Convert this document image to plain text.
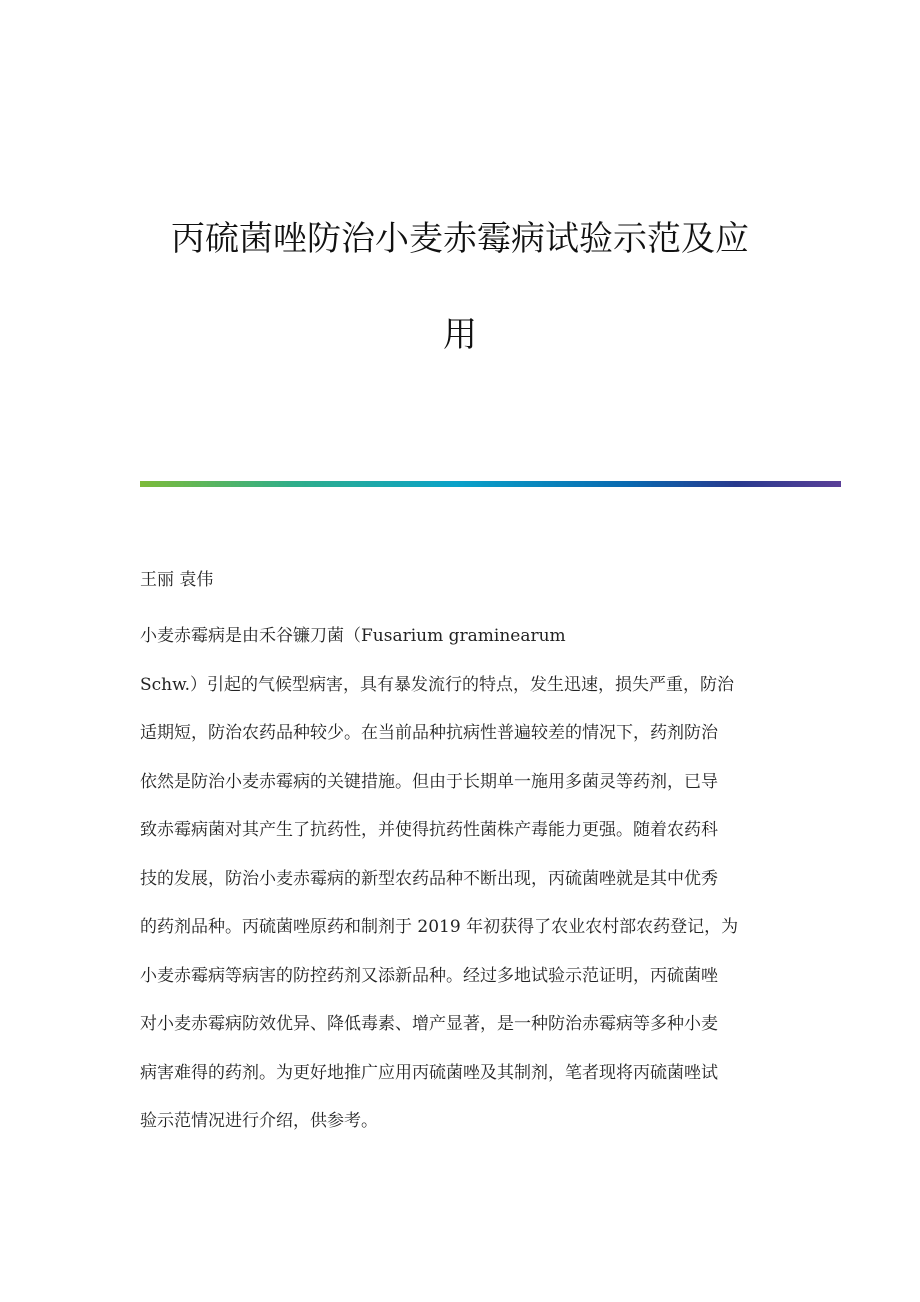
丙硫菌唑防治小麦赤霉病试验示范及应
用

王丽 袁伟

小麦赤霉病是由禾谷镰刀菌（Fusarium graminearum
Schw.）引起的气候型病害，具有暴发流行的特点，发生迅速，损失严重，防治
适期短，防治农药品种较少。在当前品种抗病性普遍较差的情况下，药剂防治
依然是防治小麦赤霉病的关键措施。但由于长期单一施用多菌灵等药剂，已导
致赤霉病菌对其产生了抗药性，并使得抗药性菌株产毒能力更强。随着农药科
技的发展，防治小麦赤霉病的新型农药品种不断出现，丙硫菌唑就是其中优秀
的药剂品种。丙硫菌唑原药和制剂于 2019 年初获得了农业农村部农药登记，为
小麦赤霉病等病害的防控药剂又添新品种。经过多地试验示范证明，丙硫菌唑
对小麦赤霉病防效优异、降低毒素、增产显著，是一种防治赤霉病等多种小麦
病害难得的药剂。为更好地推广应用丙硫菌唑及其制剂，笔者现将丙硫菌唑试
验示范情况进行介绍，供参考。
